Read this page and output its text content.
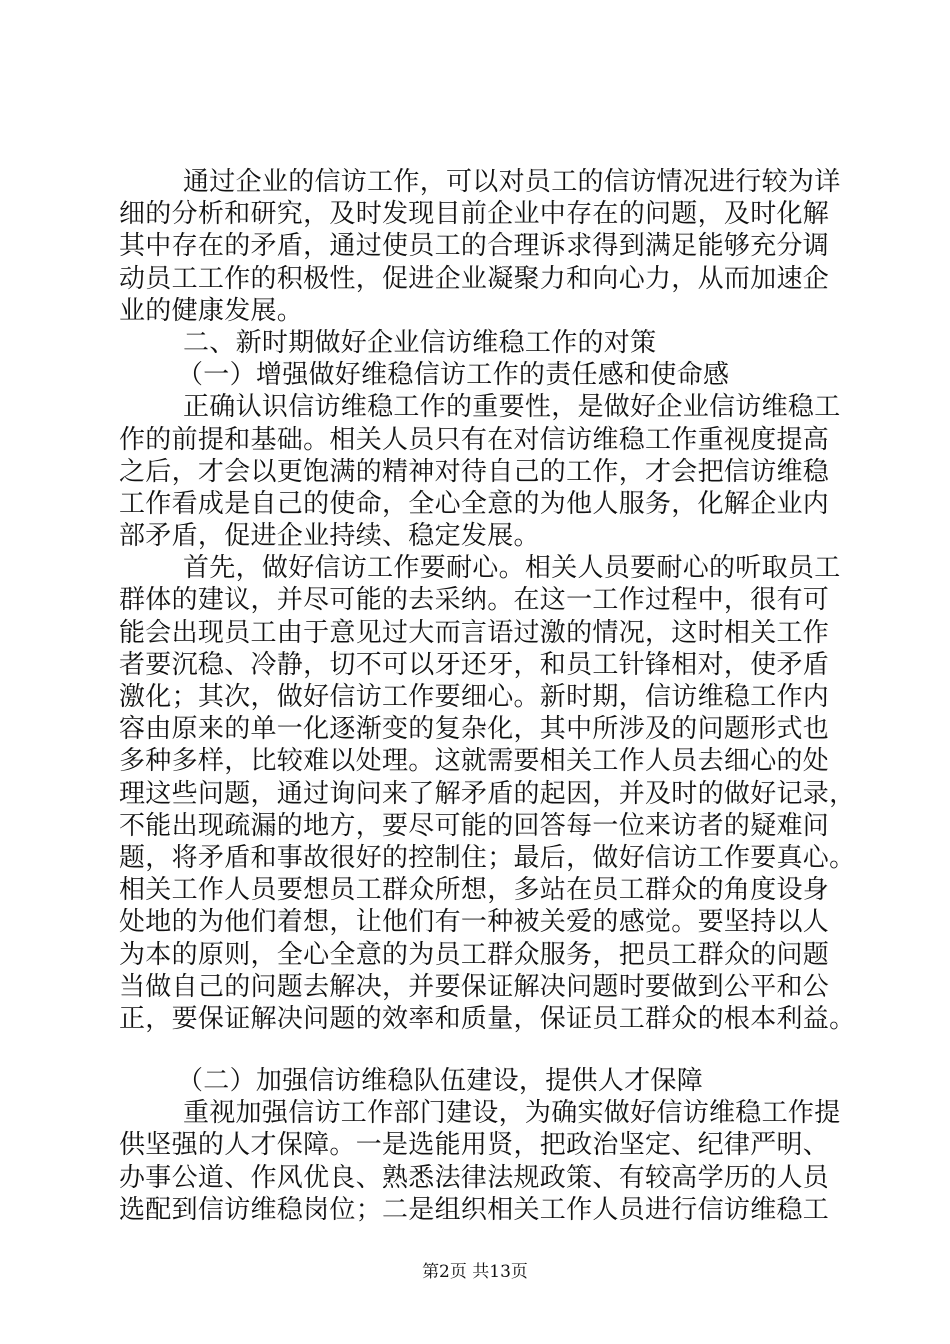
通过企业的信访工作，可以对员工的信访情况进行较为详
细的分析和研究，及时发现目前企业中存在的问题，及时化解
其中存在的矛盾，通过使员工的合理诉求得到满足能够充分调
动员工工作的积极性，促进企业凝聚力和向心力，从而加速企
业的健康发展。
二、新时期做好企业信访维稳工作的对策
（一）增强做好维稳信访工作的责任感和使命感
正确认识信访维稳工作的重要性，是做好企业信访维稳工
作的前提和基础。相关人员只有在对信访维稳工作重视度提高
之后，才会以更饱满的精神对待自己的工作，才会把信访维稳
工作看成是自己的使命，全心全意的为他人服务，化解企业内
部矛盾，促进企业持续、稳定发展。
首先，做好信访工作要耐心。相关人员要耐心的听取员工
群体的建议，并尽可能的去采纳。在这一工作过程中，很有可
能会出现员工由于意见过大而言语过激的情况，这时相关工作
者要沉稳、冷静，切不可以牙还牙，和员工针锋相对，使矛盾
激化；其次，做好信访工作要细心。新时期，信访维稳工作内
容由原来的单一化逐渐变的复杂化，其中所涉及的问题形式也
多种多样，比较难以处理。这就需要相关工作人员去细心的处
理这些问题，通过询问来了解矛盾的起因，并及时的做好记录，
不能出现疏漏的地方，要尽可能的回答每一位来访者的疑难问
题，将矛盾和事故很好的控制住；最后，做好信访工作要真心。
相关工作人员要想员工群众所想，多站在员工群众的角度设身
处地的为他们着想，让他们有一种被关爱的感觉。要坚持以人
为本的原则，全心全意的为员工群众服务，把员工群众的问题
当做自己的问题去解决，并要保证解决问题时要做到公平和公
正，要保证解决问题的效率和质量，保证员工群众的根本利益。
（二）加强信访维稳队伍建设，提供人才保障
重视加强信访工作部门建设，为确实做好信访维稳工作提
供坚强的人才保障。一是选能用贤，把政治坚定、纪律严明、
办事公道、作风优良、熟悉法律法规政策、有较高学历的人员
选配到信访维稳岗位；二是组织相关工作人员进行信访维稳工
第2页 共13页
